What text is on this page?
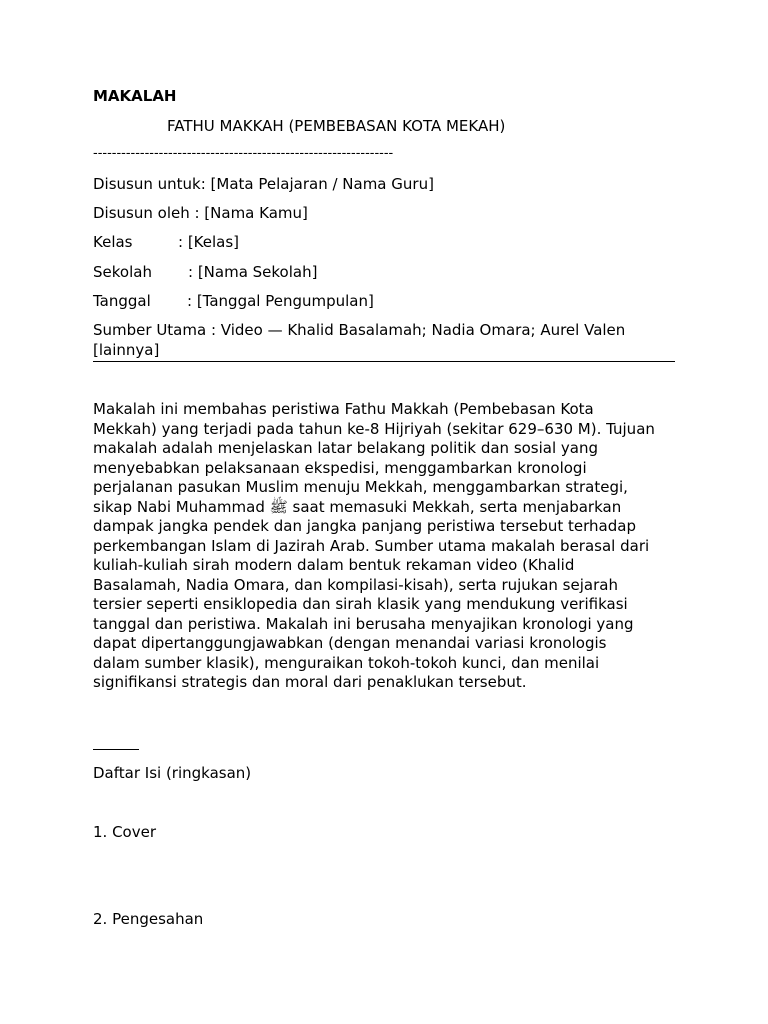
MAKALAH
FATHU MAKKAH (PEMBEBASAN KOTA MEKAH)
----------------------------------------------------------------
Disusun untuk: [Mata Pelajaran / Nama Guru]
Disusun oleh : [Nama Kamu]
Kelas	: [Kelas]
Sekolah : [Nama Sekolah]
Tanggal : [Tanggal Pengumpulan]
Sumber Utama : Video — Khalid Basalamah; Nadia Omara; Aurel Valen
[lainnya]
Makalah ini membahas peristiwa Fathu Makkah (Pembebasan Kota
Mekkah) yang terjadi pada tahun ke-8 Hijriyah (sekitar 629–630 M). Tujuan
makalah adalah menjelaskan latar belakang politik dan sosial yang
menyebabkan pelaksanaan ekspedisi, menggambarkan kronologi
perjalanan pasukan Muslim menuju Mekkah, menggambarkan strategi,
sikap Nabi Muhammad ﷺ saat memasuki Mekkah, serta menjabarkan
dampak jangka pendek dan jangka panjang peristiwa tersebut terhadap
perkembangan Islam di Jazirah Arab. Sumber utama makalah berasal dari
kuliah-kuliah sirah modern dalam bentuk rekaman video (Khalid
Basalamah, Nadia Omara, dan kompilasi-kisah), serta rujukan sejarah
tersier seperti ensiklopedia dan sirah klasik yang mendukung verifikasi
tanggal dan peristiwa. Makalah ini berusaha menyajikan kronologi yang
dapat dipertanggungjawabkan (dengan menandai variasi kronologis
dalam sumber klasik), menguraikan tokoh-tokoh kunci, dan menilai
signifikansi strategis dan moral dari penaklukan tersebut.
Daftar Isi (ringkasan)
1. Cover
2. Pengesahan
